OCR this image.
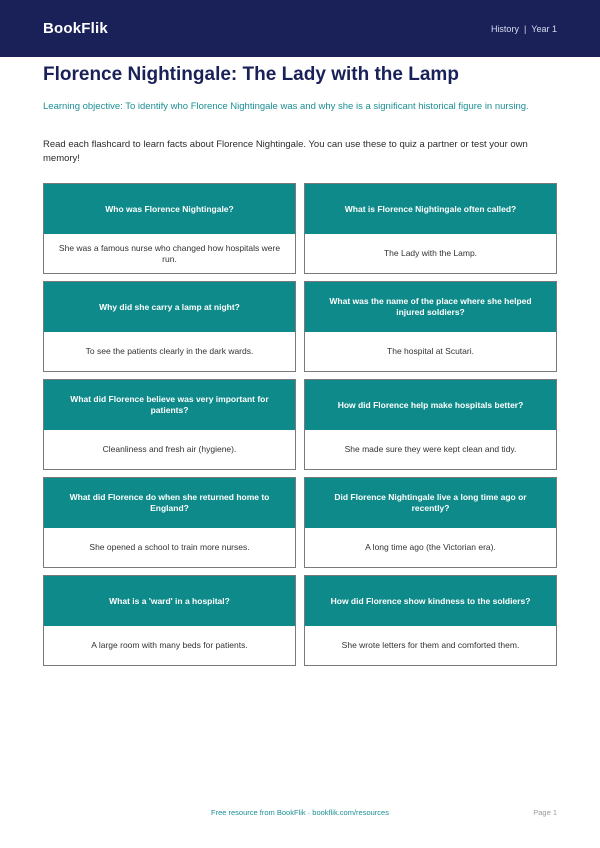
BookFlik	History | Year 1
Florence Nightingale: The Lady with the Lamp

Learning objective: To identify who Florence Nightingale was and why she is a significant historical figure in nursing.

Read each flashcard to learn facts about Florence Nightingale. You can use these to quiz a partner or test your own memory!

Who was Florence Nightingale?
She was a famous nurse who changed how hospitals were run.
What is Florence Nightingale often called?
The Lady with the Lamp.
Why did she carry a lamp at night?
To see the patients clearly in the dark wards.
What was the name of the place where she helped injured soldiers?
The hospital at Scutari.
What did Florence believe was very important for patients?
Cleanliness and fresh air (hygiene).
How did Florence help make hospitals better?
She made sure they were kept clean and tidy.
What did Florence do when she returned home to England?
She opened a school to train more nurses.
Did Florence Nightingale live a long time ago or recently?
A long time ago (the Victorian era).
What is a 'ward' in a hospital?
A large room with many beds for patients.
How did Florence show kindness to the soldiers?
She wrote letters for them and comforted them.
Free resource from BookFlik · bookflik.com/resources	Page 1
